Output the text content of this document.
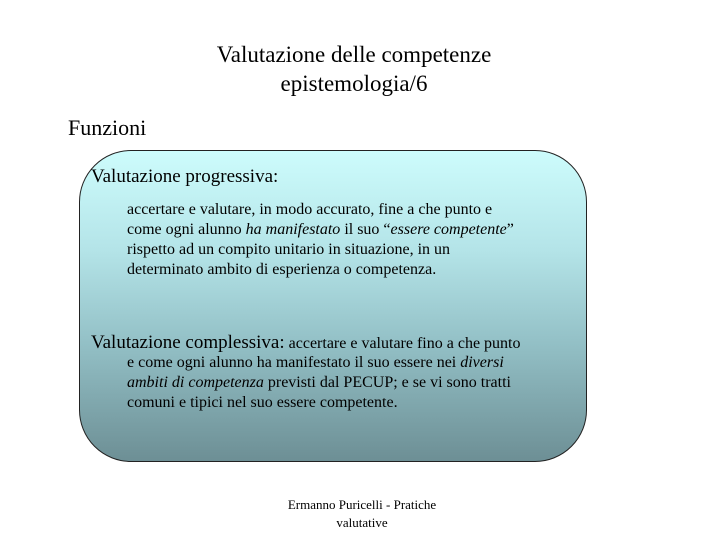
Valutazione delle competenze
epistemologia/6
Funzioni
Valutazione progressiva:
accertare e valutare, in modo accurato, fine a che punto e
come ogni alunno ha manifestato il suo “essere competente”
rispetto ad un compito unitario in situazione, in un
determinato ambito di esperienza o competenza.
Valutazione complessiva: accertare e valutare fino a che punto
e come ogni alunno ha manifestato il suo essere nei diversi
ambiti di competenza previsti dal PECUP; e se vi sono tratti
comuni e tipici nel suo essere competente.
Ermanno Puricelli - Pratiche
valutative
